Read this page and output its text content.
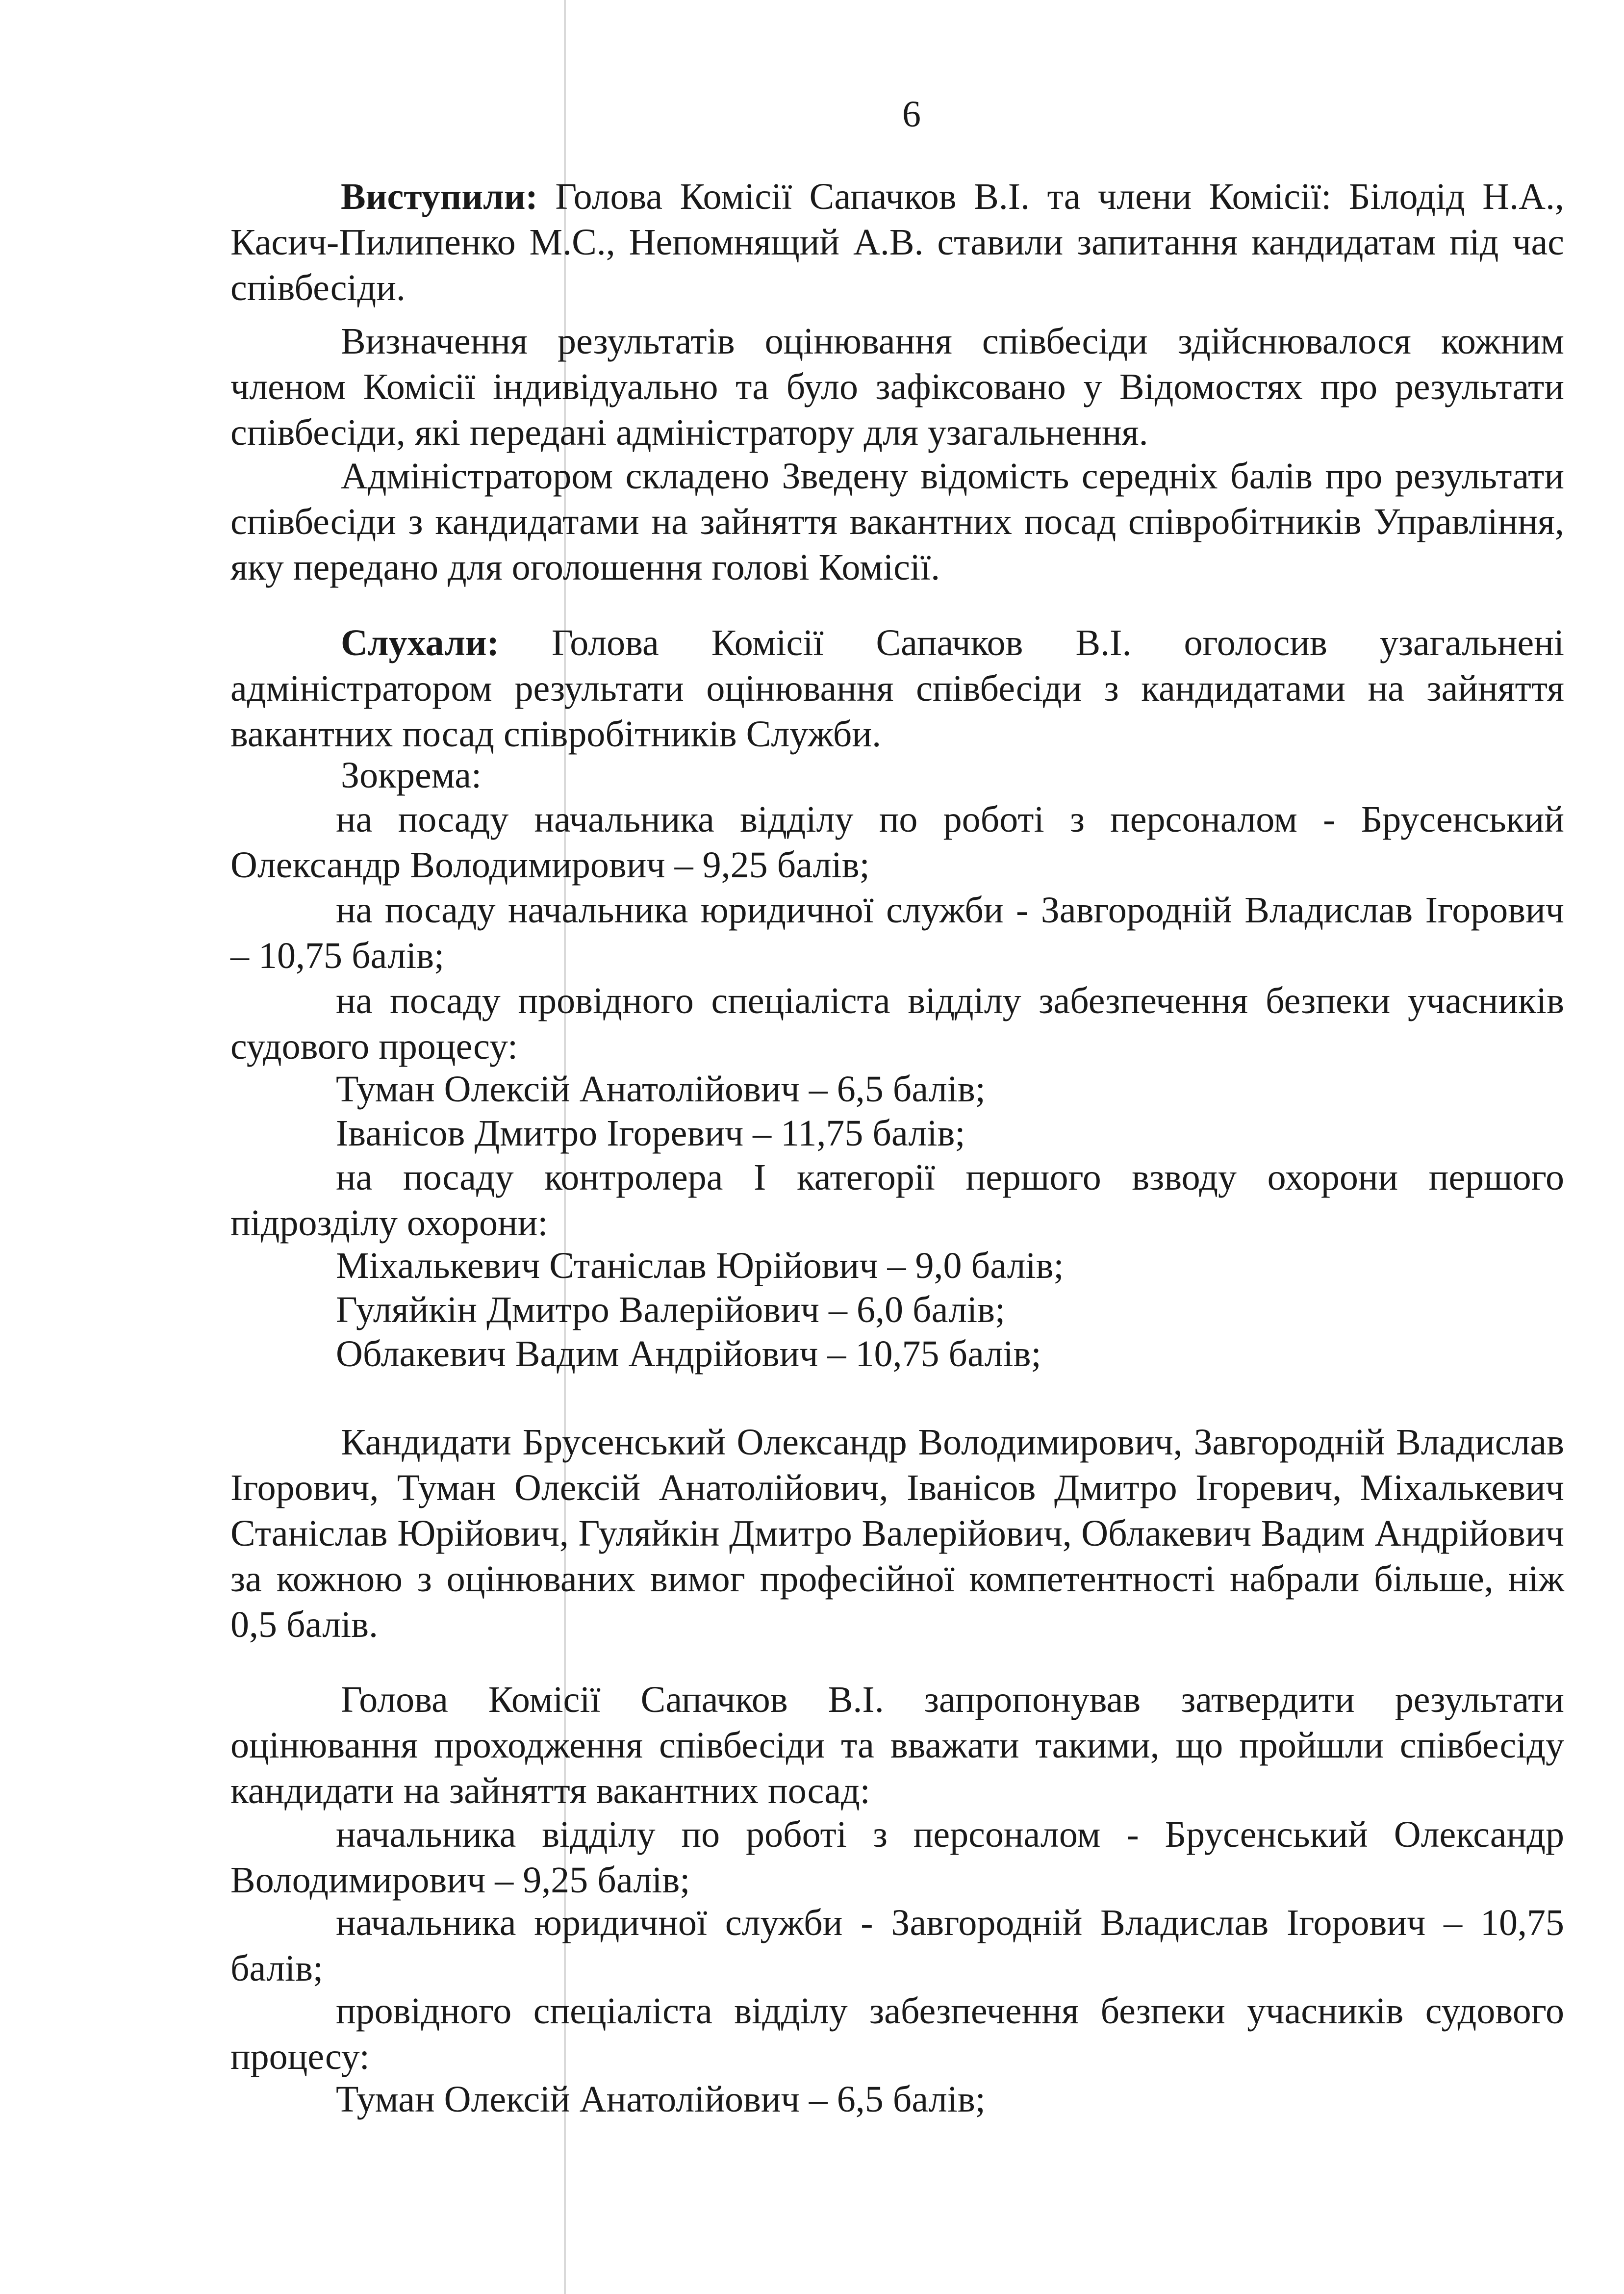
6

Виступили: Голова Комісії Сапачков В.І. та члени Комісії: Білодід Н.А., Касич-Пилипенко М.С., Непомнящий А.В. ставили запитання кандидатам під час співбесіди.

Визначення результатів оцінювання співбесіди здійснювалося кожним членом Комісії індивідуально та було зафіксовано у Відомостях про результати співбесіди, які передані адміністратору для узагальнення.

Адміністратором складено Зведену відомість середніх балів про результати співбесіди з кандидатами на зайняття вакантних посад співробітників Управління, яку передано для оголошення голові Комісії.

Слухали: Голова Комісії Сапачков В.І. оголосив узагальнені адміністратором результати оцінювання співбесіди з кандидатами на зайняття вакантних посад співробітників Служби.

Зокрема:

на посаду начальника відділу по роботі з персоналом - Брусенський Олександр Володимирович – 9,25 балів;

на посаду начальника юридичної служби - Завгородній Владислав Ігорович – 10,75 балів;

на посаду провідного спеціаліста відділу забезпечення безпеки учасників судового процесу:

Туман Олексій Анатолійович – 6,5 балів;

Іванісов Дмитро Ігоревич – 11,75 балів;

на посаду контролера І категорії першого взводу охорони першого підрозділу охорони:

Міхалькевич Станіслав Юрійович – 9,0 балів;

Гуляйкін Дмитро Валерійович – 6,0 балів;

Облакевич Вадим Андрійович – 10,75 балів;

Кандидати Брусенський Олександр Володимирович, Завгородній Владислав Ігорович, Туман Олексій Анатолійович, Іванісов Дмитро Ігоревич, Міхалькевич Станіслав Юрійович, Гуляйкін Дмитро Валерійович, Облакевич Вадим Андрійович за кожною з оцінюваних вимог професійної компетентності набрали більше, ніж 0,5 балів.

Голова Комісії Сапачков В.І. запропонував затвердити результати оцінювання проходження співбесіди та вважати такими, що пройшли співбесіду кандидати на зайняття вакантних посад:

начальника відділу по роботі з персоналом - Брусенський Олександр Володимирович – 9,25 балів;

начальника юридичної служби - Завгородній Владислав Ігорович – 10,75 балів;

провідного спеціаліста відділу забезпечення безпеки учасників судового процесу:

Туман Олексій Анатолійович – 6,5 балів;
